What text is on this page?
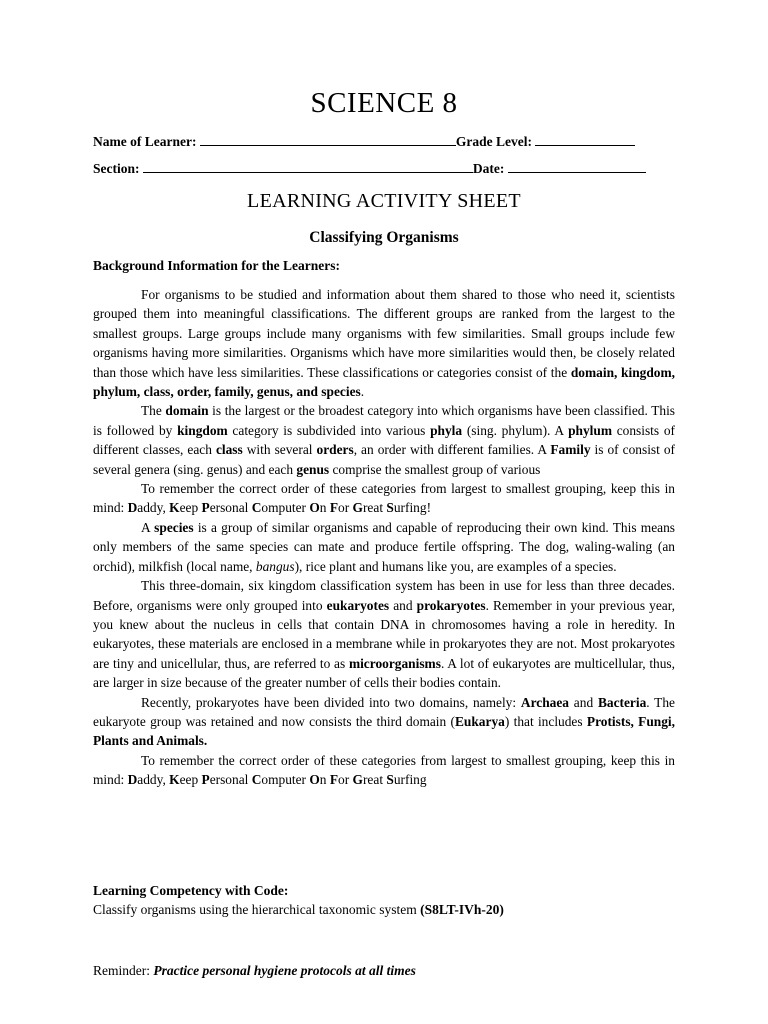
SCIENCE 8
Name of Learner:	Grade Level:
Section:	Date:
LEARNING ACTIVITY SHEET
Classifying Organisms
Background Information for the Learners:

For organisms to be studied and information about them shared to those who need it, scientists grouped them into meaningful classifications. The different groups are ranked from the largest to the smallest groups. Large groups include many organisms with few similarities. Small groups include few organisms having more similarities. Organisms which have more similarities would then, be closely related than those which have less similarities. These classifications or categories consist of the domain, kingdom, phylum, class, order, family, genus, and species.

The domain is the largest or the broadest category into which organisms have been classified. This is followed by kingdom category is subdivided into various phyla (sing. phylum). A phylum consists of different classes, each class with several orders, an order with different families. A Family is of consist of several genera (sing. genus) and each genus comprise the smallest group of various

To remember the correct order of these categories from largest to smallest grouping, keep this in mind: Daddy, Keep Personal Computer On For Great Surfing!

A species is a group of similar organisms and capable of reproducing their own kind. This means only members of the same species can mate and produce fertile offspring. The dog, waling-waling (an orchid), milkfish (local name, bangus), rice plant and humans like you, are examples of a species.

This three-domain, six kingdom classification system has been in use for less than three decades. Before, organisms were only grouped into eukaryotes and prokaryotes. Remember in your previous year, you knew about the nucleus in cells that contain DNA in chromosomes having a role in heredity. In eukaryotes, these materials are enclosed in a membrane while in prokaryotes they are not. Most prokaryotes are tiny and unicellular, thus, are referred to as microorganisms. A lot of eukaryotes are multicellular, thus, are larger in size because of the greater number of cells their bodies contain.

Recently, prokaryotes have been divided into two domains, namely: Archaea and Bacteria. The eukaryote group was retained and now consists the third domain (Eukarya) that includes Protists, Fungi, Plants and Animals.

To remember the correct order of these categories from largest to smallest grouping, keep this in mind: Daddy, Keep Personal Computer On For Great Surfing

Learning Competency with Code:
Classify organisms using the hierarchical taxonomic system (S8LT-IVh-20)
Reminder: Practice personal hygiene protocols at all times
